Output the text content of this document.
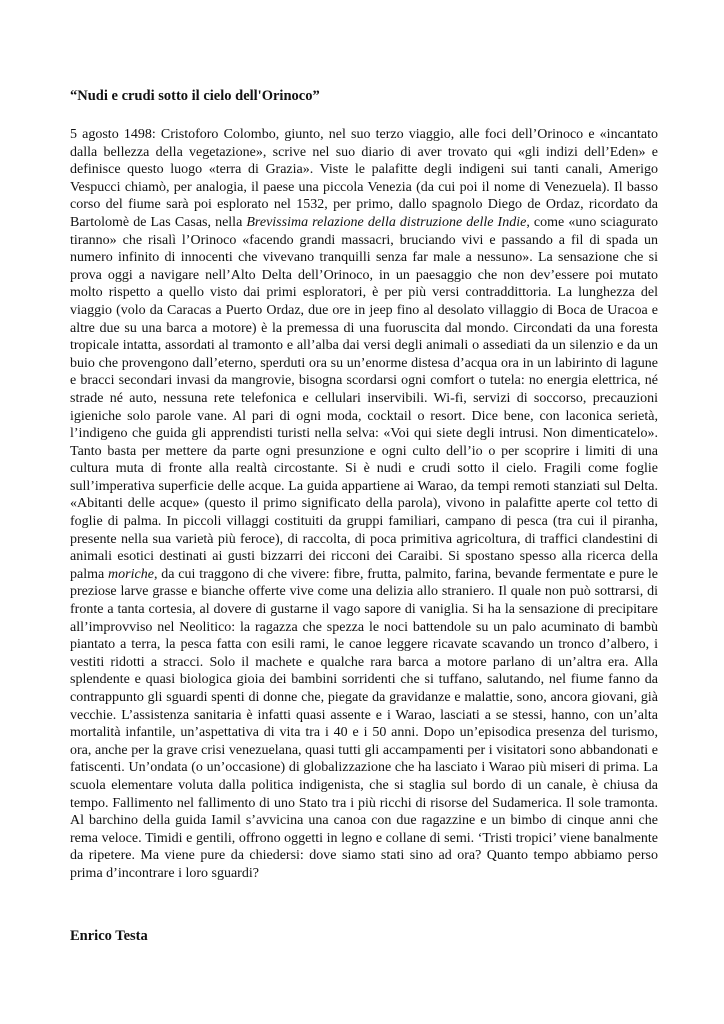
“Nudi e crudi sotto il cielo dell'Orinoco”

5 agosto 1498: Cristoforo Colombo, giunto, nel suo terzo viaggio, alle foci dell’Orinoco e «incantato dalla bellezza della vegetazione», scrive nel suo diario di aver trovato qui «gli indizi dell’Eden» e definisce questo luogo «terra di Grazia». Viste le palafitte degli indigeni sui tanti canali, Amerigo Vespucci chiamò, per analogia, il paese una piccola Venezia (da cui poi il nome di Venezuela). Il basso corso del fiume sarà poi esplorato nel 1532, per primo, dallo spagnolo Diego de Ordaz, ricordato da Bartolomè de Las Casas, nella Brevissima relazione della distruzione delle Indie, come «uno sciagurato tiranno» che risalì l’Orinoco «facendo grandi massacri, bruciando vivi e passando a fil di spada un numero infinito di innocenti che vivevano tranquilli senza far male a nessuno». La sensazione che si prova oggi a navigare nell’Alto Delta dell’Orinoco, in un paesaggio che non dev’essere poi mutato molto rispetto a quello visto dai primi esploratori, è per più versi contraddittoria. La lunghezza del viaggio (volo da Caracas a Puerto Ordaz, due ore in jeep fino al desolato villaggio di Boca de Uracoa e altre due su una barca a motore) è la premessa di una fuoruscita dal mondo. Circondati da una foresta tropicale intatta, assordati al tramonto e all’alba dai versi degli animali o assediati da un silenzio e da un buio che provengono dall’eterno, sperduti ora su un’enorme distesa d’acqua ora in un labirinto di lagune e bracci secondari invasi da mangrovie, bisogna scordarsi ogni comfort o tutela: no energia elettrica, né strade né auto, nessuna rete telefonica e cellulari inservibili. Wi-fi, servizi di soccorso, precauzioni igieniche solo parole vane. Al pari di ogni moda, cocktail o resort. Dice bene, con laconica serietà, l’indigeno che guida gli apprendisti turisti nella selva: «Voi qui siete degli intrusi. Non dimenticatelo». Tanto basta per mettere da parte ogni presunzione e ogni culto dell’io o per scoprire i limiti di una cultura muta di fronte alla realtà circostante. Si è nudi e crudi sotto il cielo. Fragili come foglie sull’imperativa superficie delle acque. La guida appartiene ai Warao, da tempi remoti stanziati sul Delta. «Abitanti delle acque» (questo il primo significato della parola), vivono in palafitte aperte col tetto di foglie di palma. In piccoli villaggi costituiti da gruppi familiari, campano di pesca (tra cui il piranha, presente nella sua varietà più feroce), di raccolta, di poca primitiva agricoltura, di traffici clandestini di animali esotici destinati ai gusti bizzarri dei ricconi dei Caraibi. Si spostano spesso alla ricerca della palma moriche, da cui traggono di che vivere: fibre, frutta, palmito, farina, bevande fermentate e pure le preziose larve grasse e bianche offerte vive come una delizia allo straniero. Il quale non può sottrarsi, di fronte a tanta cortesia, al dovere di gustarne il vago sapore di vaniglia. Si ha la sensazione di precipitare all’improvviso nel Neolitico: la ragazza che spezza le noci battendole su un palo acuminato di bambù piantato a terra, la pesca fatta con esili rami, le canoe leggere ricavate scavando un tronco d’albero, i vestiti ridotti a stracci. Solo il machete e qualche rara barca a motore parlano di un’altra era. Alla splendente e quasi biologica gioia dei bambini sorridenti che si tuffano, salutando, nel fiume fanno da contrappunto gli sguardi spenti di donne che, piegate da gravidanze e malattie, sono, ancora giovani, già vecchie. L’assistenza sanitaria è infatti quasi assente e i Warao, lasciati a se stessi, hanno, con un’alta mortalità infantile, un’aspettativa di vita tra i 40 e i 50 anni. Dopo un’episodica presenza del turismo, ora, anche per la grave crisi venezuelana, quasi tutti gli accampamenti per i visitatori sono abbandonati e fatiscenti. Un’ondata (o un’occasione) di globalizzazione che ha lasciato i Warao più miseri di prima. La scuola elementare voluta dalla politica indigenista, che si staglia sul bordo di un canale, è chiusa da tempo. Fallimento nel fallimento di uno Stato tra i più ricchi di risorse del Sudamerica. Il sole tramonta. Al barchino della guida Iamil s’avvicina una canoa con due ragazzine e un bimbo di cinque anni che rema veloce. Timidi e gentili, offrono oggetti in legno e collane di semi. ‘Tristi tropici’ viene banalmente da ripetere. Ma viene pure da chiedersi: dove siamo stati sino ad ora? Quanto tempo abbiamo perso prima d’incontrare i loro sguardi?

Enrico Testa
